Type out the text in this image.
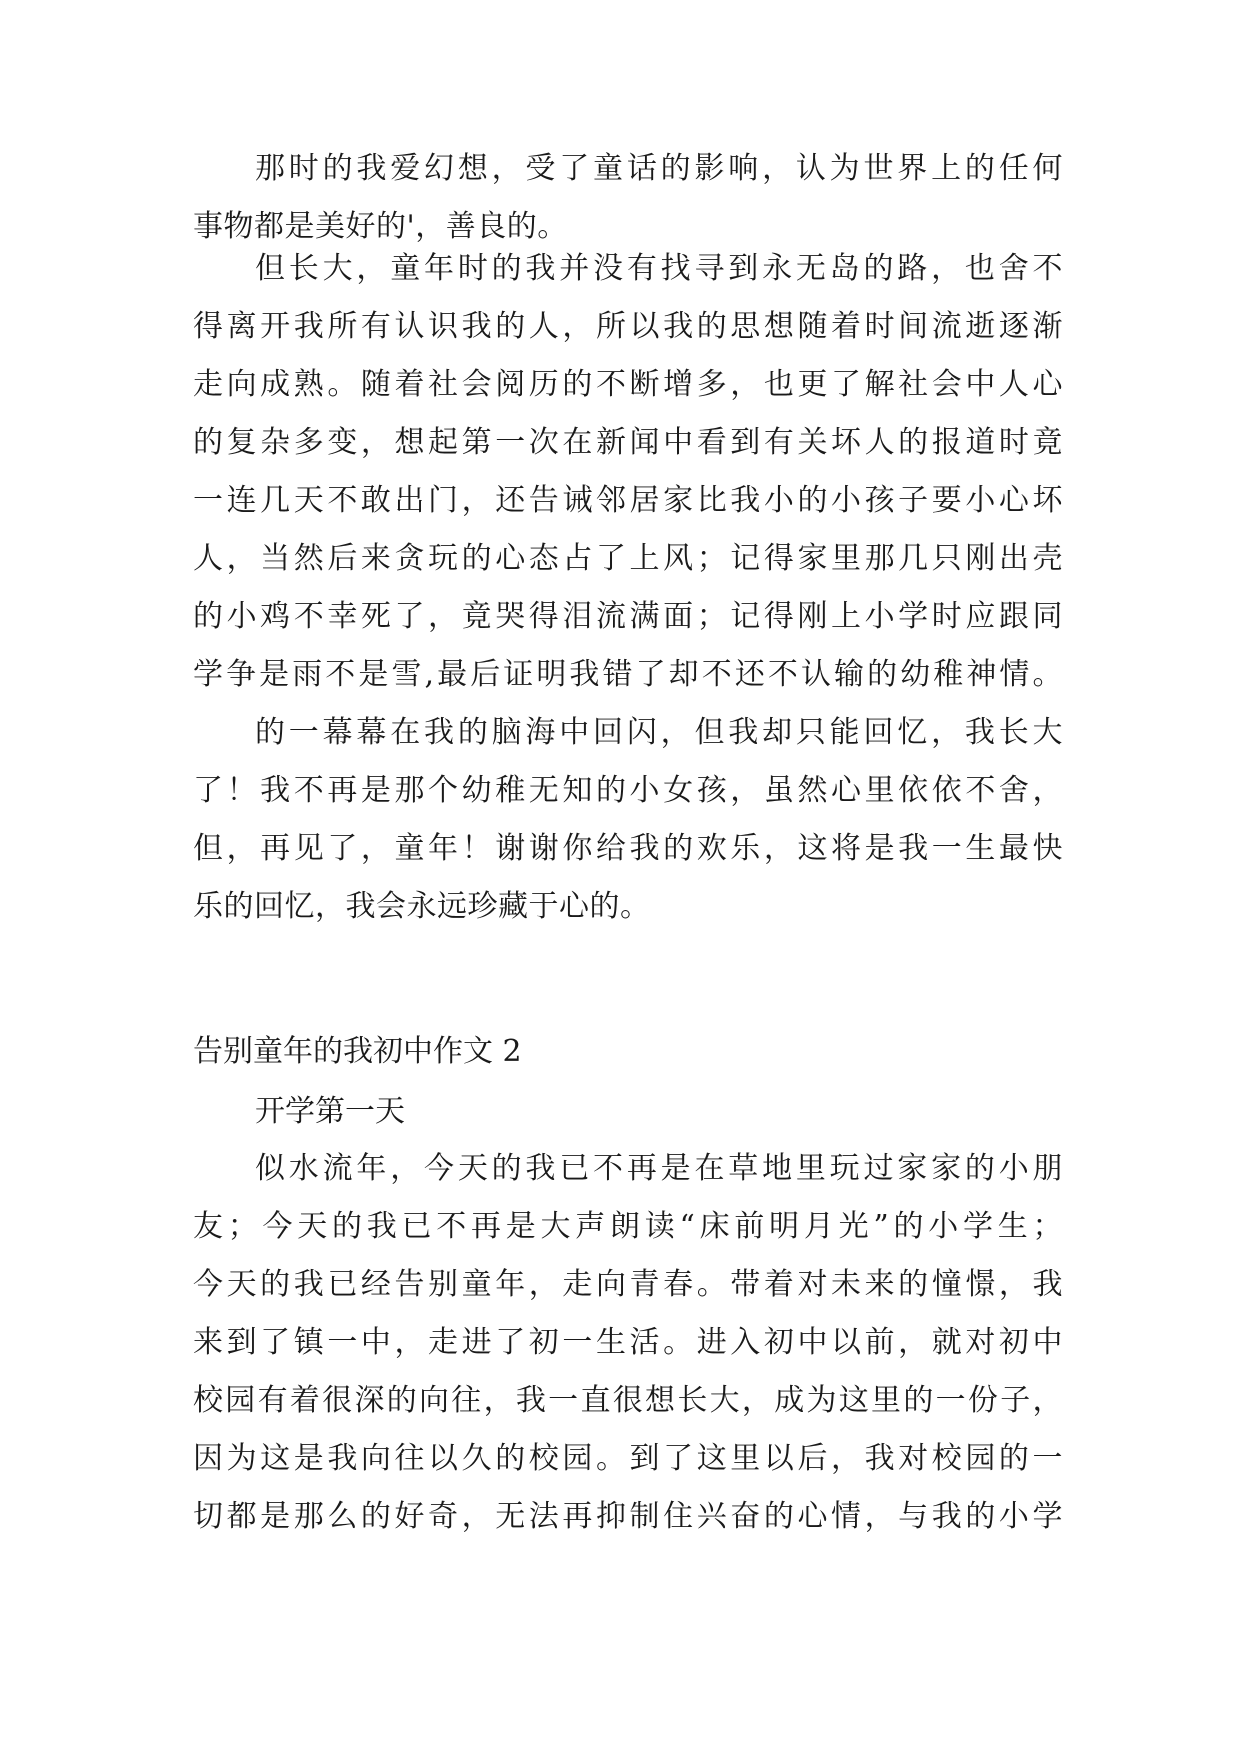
那时的我爱幻想，受了童话的影响，认为世界上的任何
事物都是美好的'，善良的。
但长大，童年时的我并没有找寻到永无岛的路，也舍不
得离开我所有认识我的人，所以我的思想随着时间流逝逐渐
走向成熟。随着社会阅历的不断增多，也更了解社会中人心
的复杂多变，想起第一次在新闻中看到有关坏人的报道时竟
一连几天不敢出门，还告诫邻居家比我小的小孩子要小心坏
人，当然后来贪玩的心态占了上风；记得家里那几只刚出壳
的小鸡不幸死了，竟哭得泪流满面；记得刚上小学时应跟同
学争是雨不是雪,最后证明我错了却不还不认输的幼稚神情。
的一幕幕在我的脑海中回闪，但我却只能回忆，我长大
了！我不再是那个幼稚无知的小女孩，虽然心里依依不舍，
但，再见了，童年！谢谢你给我的欢乐，这将是我一生最快
乐的回忆，我会永远珍藏于心的。
告别童年的我初中作文 2
开学第一天
似水流年，今天的我已不再是在草地里玩过家家的小朋
友；今天的我已不再是大声朗读“床前明月光”的小学生；
今天的我已经告别童年，走向青春。带着对未来的憧憬，我
来到了镇一中，走进了初一生活。进入初中以前，就对初中
校园有着很深的向往，我一直很想长大，成为这里的一份子，
因为这是我向往以久的校园。到了这里以后，我对校园的一
切都是那么的好奇，无法再抑制住兴奋的心情，与我的小学
